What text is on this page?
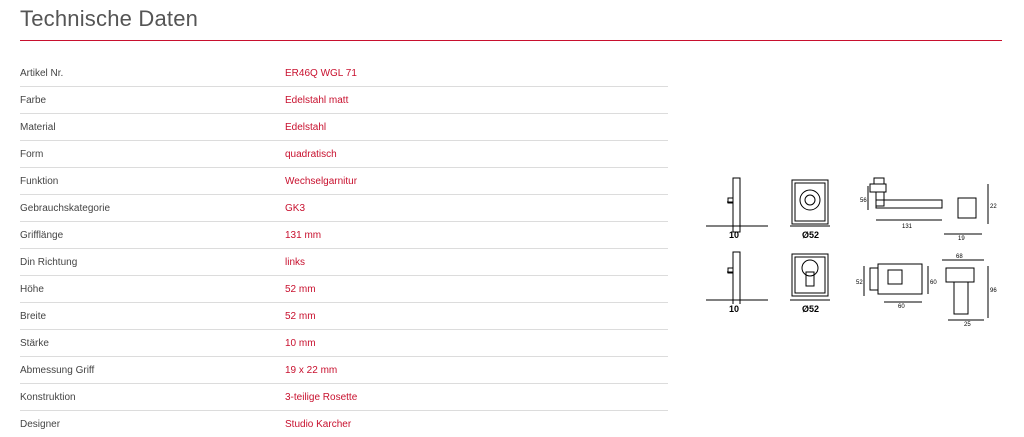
Technische Daten
Artikel Nr.	ER46Q WGL 71
Farbe	Edelstahl matt
Material	Edelstahl
Form	quadratisch
Funktion	Wechselgarnitur
Gebrauchskategorie	GK3
Grifflänge	131 mm
Din Richtung	links
Höhe	52 mm
Breite	52 mm
Stärke	10 mm
Abmessung Griff	19 x 22 mm
Konstruktion	3-teilige Rosette
Designer	Studio Karcher
10	Ø52
56
131
22
19
10	Ø52
52	60
60
68
96
25
